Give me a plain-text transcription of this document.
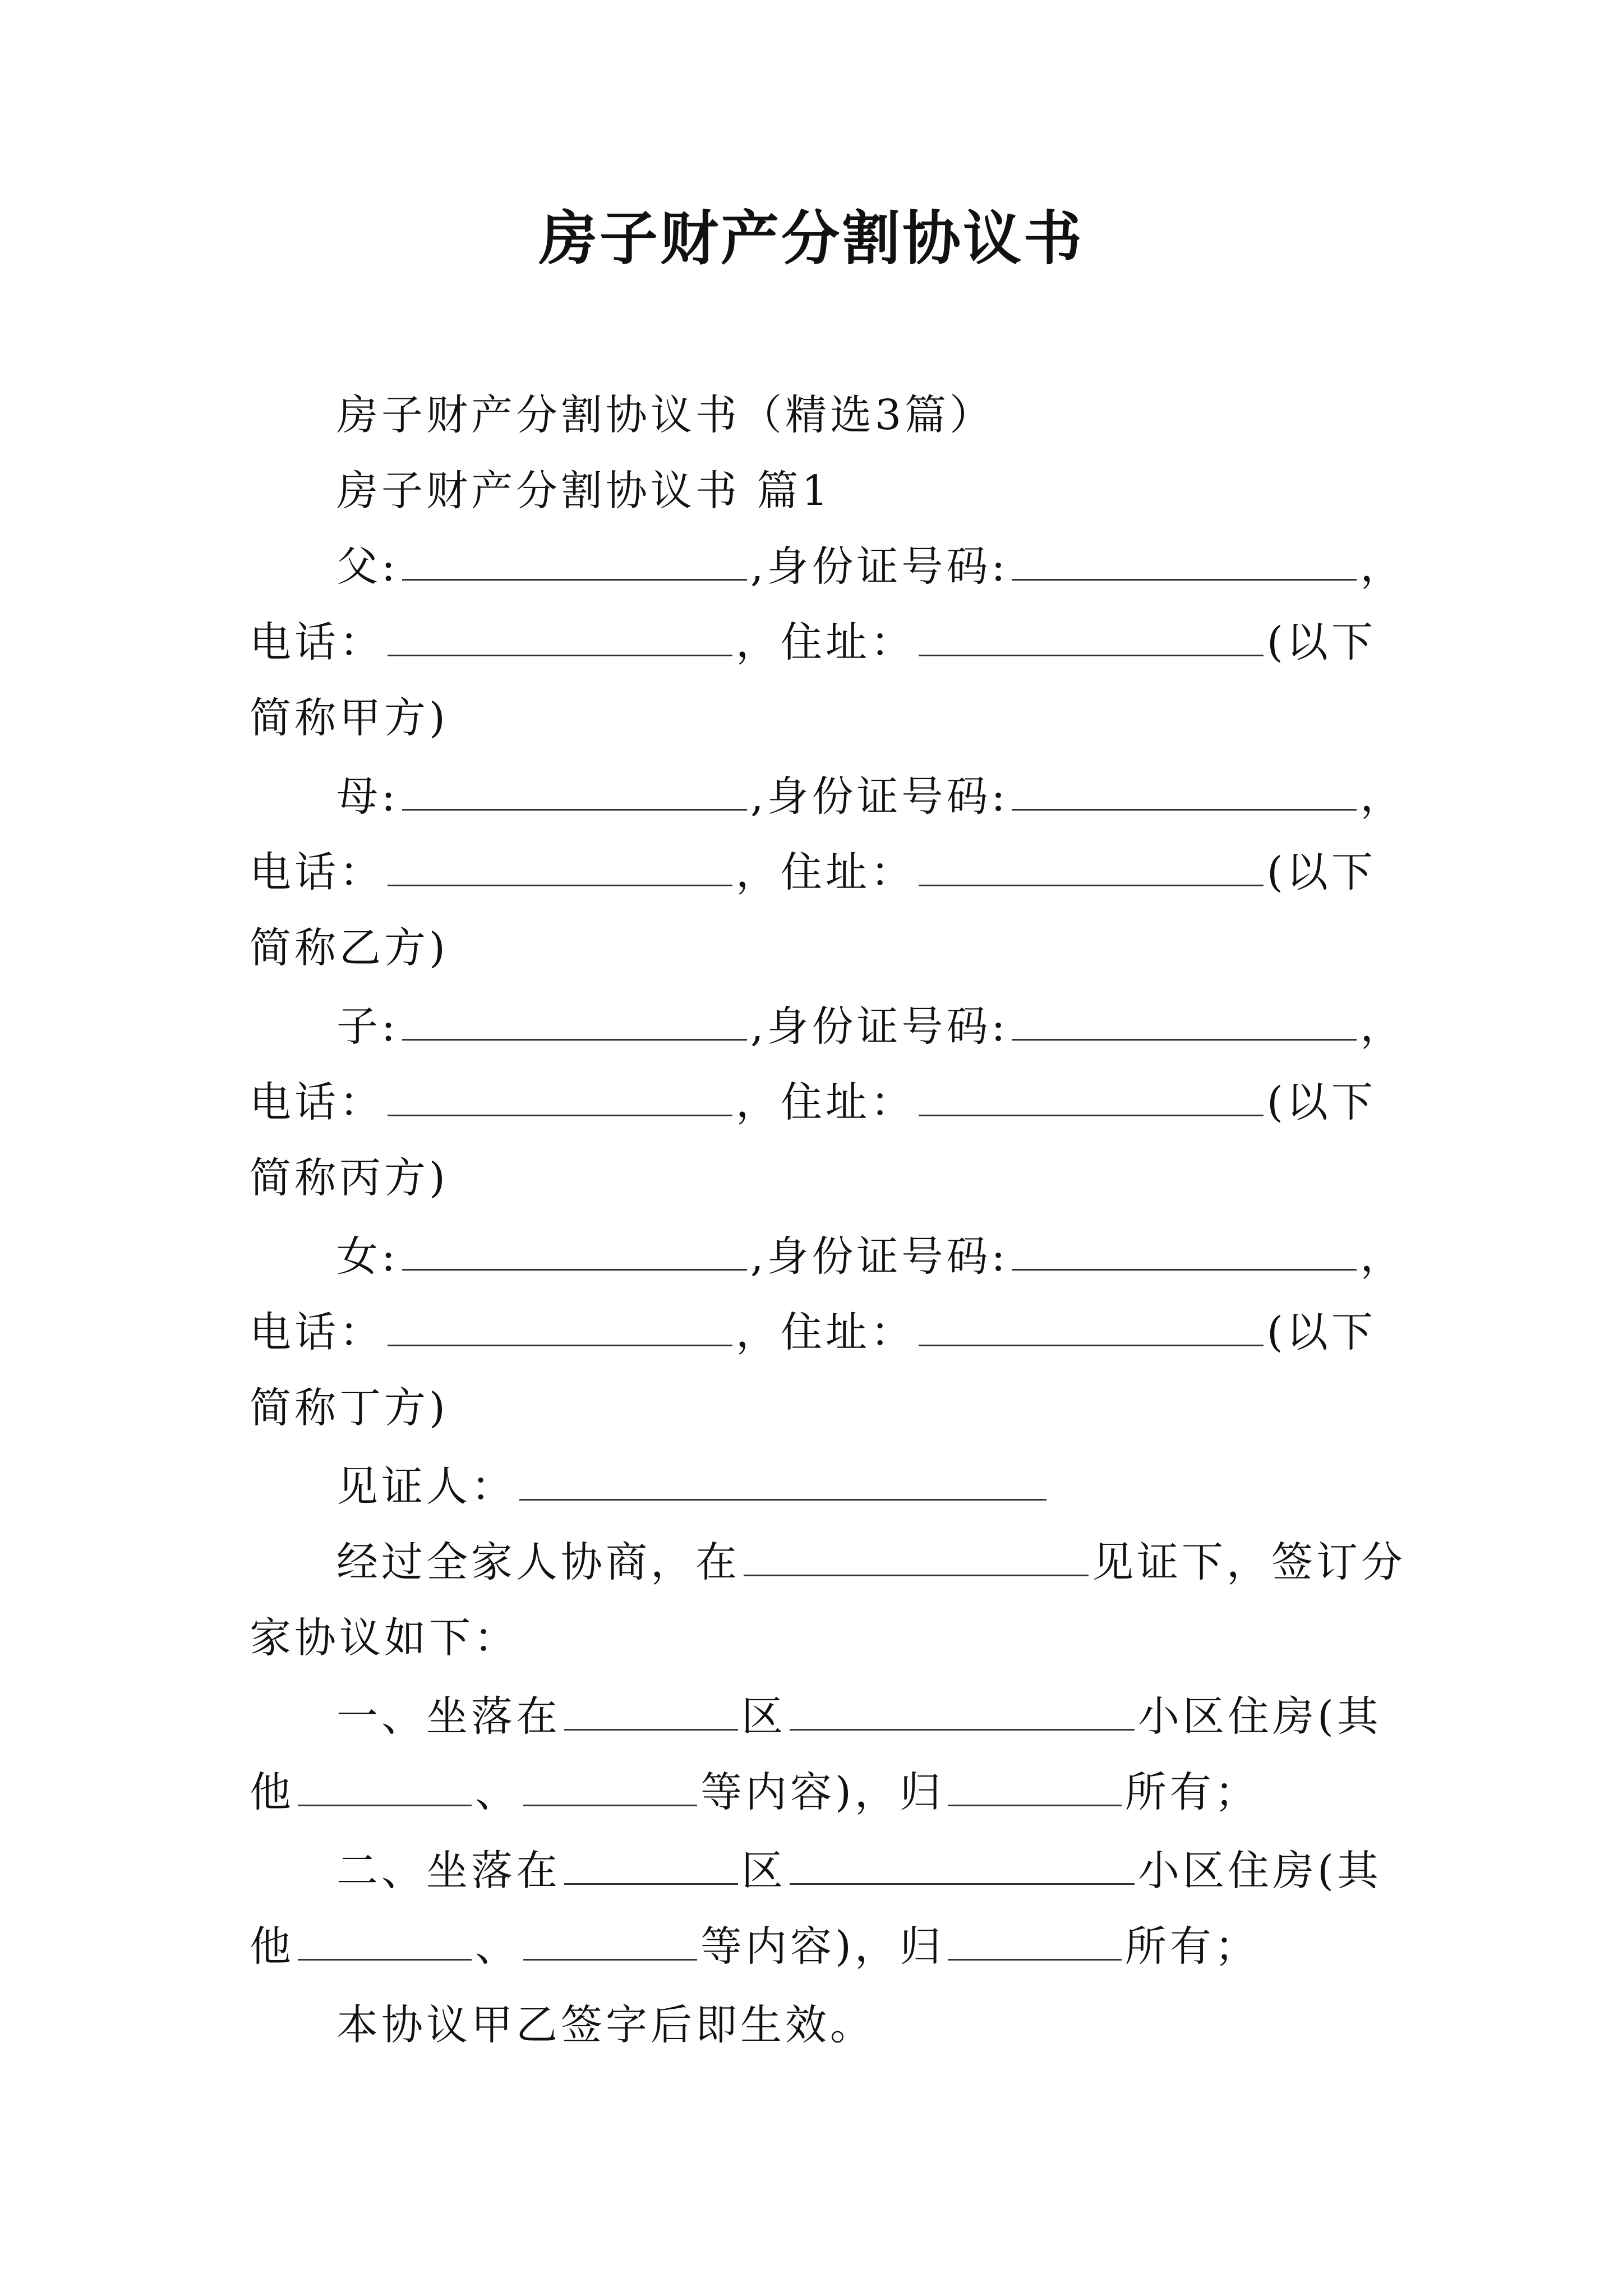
房子财产分割协议书
房子财产分割协议书（精选3篇）
房子财产分割协议书 篇1
父:	,身份证号码:	，
电话：	，住址：	(以下
简称甲方)
母:	,身份证号码:	，
电话：	，住址：	(以下
简称乙方)
子:	,身份证号码:	，
电话：	，住址：	(以下
简称丙方)
女:	,身份证号码:	，
电话：	，住址：	(以下
简称丁方)
见证人：
经过全家人协商，在	见证下，签订分
家协议如下：
一、坐落在	区	小区住房(其
他	、	等内容)，归	所有；
二、坐落在	区	小区住房(其
他	、	等内容)，归	所有；
本协议甲乙签字后即生效。
